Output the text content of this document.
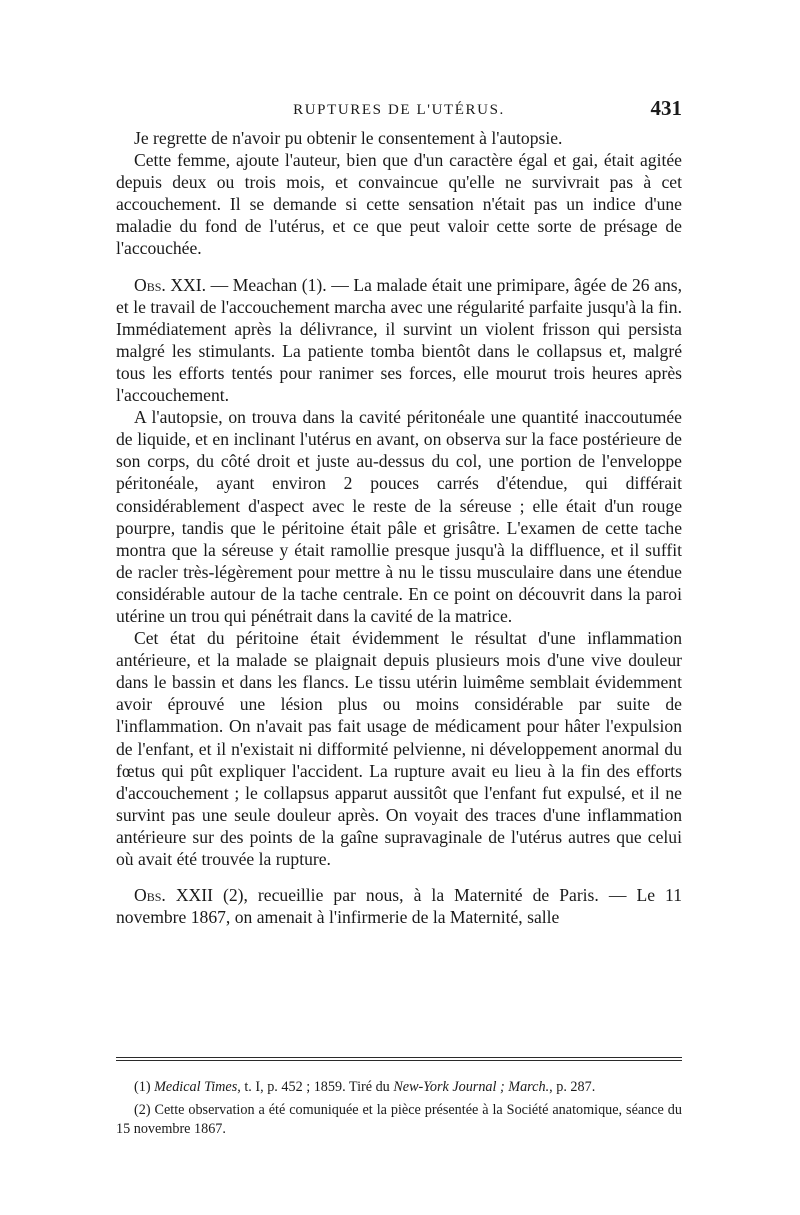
RUPTURES DE L'UTÉRUS.	431

Je regrette de n'avoir pu obtenir le consentement à l'autopsie.

Cette femme, ajoute l'auteur, bien que d'un caractère égal et gai, était agitée depuis deux ou trois mois, et convaincue qu'elle ne survivrait pas à cet accouchement. Il se demande si cette sensation n'était pas un indice d'une maladie du fond de l'utérus, et ce que peut valoir cette sorte de présage de l'accouchée.

Obs. XXI. — Meachan (1). — La malade était une primipare, âgée de 26 ans, et le travail de l'accouchement marcha avec une régularité parfaite jusqu'à la fin. Immédiatement après la délivrance, il survint un violent frisson qui persista malgré les stimulants. La patiente tomba bientôt dans le collapsus et, malgré tous les efforts tentés pour ranimer ses forces, elle mourut trois heures après l'accouchement.

A l'autopsie, on trouva dans la cavité péritonéale une quantité inaccoutumée de liquide, et en inclinant l'utérus en avant, on observa sur la face postérieure de son corps, du côté droit et juste au-dessus du col, une portion de l'enveloppe péritonéale, ayant environ 2 pouces carrés d'étendue, qui différait considérablement d'aspect avec le reste de la séreuse ; elle était d'un rouge pourpre, tandis que le péritoine était pâle et grisâtre. L'examen de cette tache montra que la séreuse y était ramollie presque jusqu'à la diffluence, et il suffit de racler très-légèrement pour mettre à nu le tissu musculaire dans une étendue considérable autour de la tache centrale. En ce point on découvrit dans la paroi utérine un trou qui pénétrait dans la cavité de la matrice.

Cet état du péritoine était évidemment le résultat d'une inflammation antérieure, et la malade se plaignait depuis plusieurs mois d'une vive douleur dans le bassin et dans les flancs. Le tissu utérin luimême semblait évidemment avoir éprouvé une lésion plus ou moins considérable par suite de l'inflammation. On n'avait pas fait usage de médicament pour hâter l'expulsion de l'enfant, et il n'existait ni difformité pelvienne, ni développement anormal du fœtus qui pût expliquer l'accident. La rupture avait eu lieu à la fin des efforts d'accouchement ; le collapsus apparut aussitôt que l'enfant fut expulsé, et il ne survint pas une seule douleur après. On voyait des traces d'une inflammation antérieure sur des points de la gaîne supravaginale de l'utérus autres que celui où avait été trouvée la rupture.

Obs. XXII (2), recueillie par nous, à la Maternité de Paris. — Le 11 novembre 1867, on amenait à l'infirmerie de la Maternité, salle

(1) Medical Times, t. I, p. 452 ; 1859. Tiré du New-York Journal ; March., p. 287.

(2) Cette observation a été comuniquée et la pièce présentée à la Société anatomique, séance du 15 novembre 1867.
